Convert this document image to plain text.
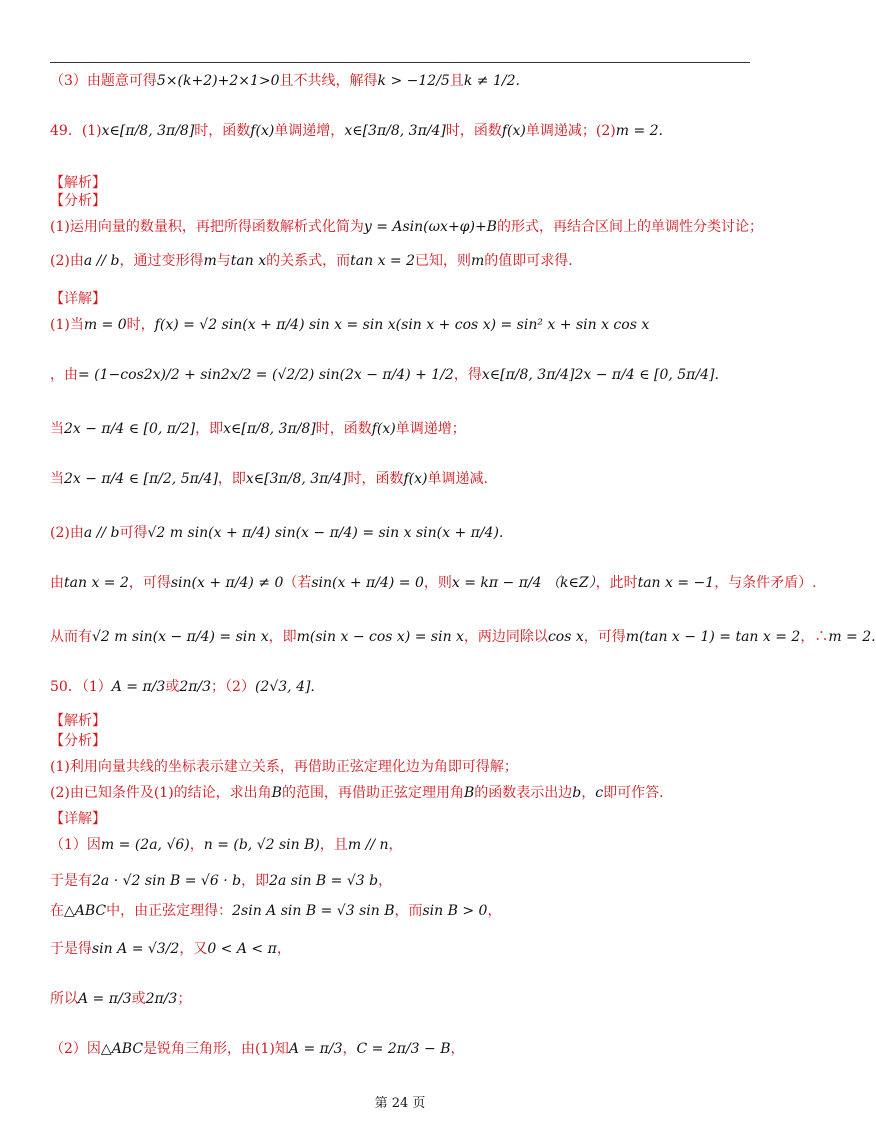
（3）由题意可得5×(k+2)+2×1>0且不共线，解得k > −12/5且k ≠ 1/2.
49．(1)x∈[π/8, 3π/8]时，函数f(x)单调递增，x∈[3π/8, 3π/4]时，函数f(x)单调递减；(2)m = 2.
【解析】
【分析】
(1)运用向量的数量积，再把所得函数解析式化简为y = Asin(ωx+φ)+B的形式，再结合区间上的单调性分类讨论；
(2)由a // b，通过变形得m与tan x的关系式，而tan x = 2已知，则m的值即可求得.
【详解】
(1)当m = 0时，f(x) = √2 sin(x + π/4) sin x = sin x(sin x + cos x) = sin² x + sin x cos x
，由= (1−cos2x)/2 + sin2x/2 = (√2/2) sin(2x − π/4) + 1/2，得x∈[π/8, 3π/4]2x − π/4 ∈ [0, 5π/4].
当2x − π/4 ∈ [0, π/2]，即x∈[π/8, 3π/8]时，函数f(x)单调递增；
当2x − π/4 ∈ [π/2, 5π/4]，即x∈[3π/8, 3π/4]时，函数f(x)单调递减.
(2)由a // b可得√2 m sin(x + π/4) sin(x − π/4) = sin x sin(x + π/4).
由tan x = 2，可得sin(x + π/4) ≠ 0（若sin(x + π/4) = 0，则x = kπ − π/4 （k∈Z），此时tan x = −1，与条件矛盾）.
从而有√2 m sin(x − π/4) = sin x，即m(sin x − cos x) = sin x，两边同除以cos x，可得m(tan x − 1) = tan x = 2，∴m = 2.
50．（1）A = π/3或2π/3；（2）(2√3, 4].
【解析】
【分析】
(1)利用向量共线的坐标表示建立关系，再借助正弦定理化边为角即可得解；
(2)由已知条件及(1)的结论，求出角B的范围，再借助正弦定理用角B的函数表示出边b，c即可作答.
【详解】
（1）因m = (2a, √6)，n = (b, √2 sin B)，且m // n，
于是有2a · √2 sin B = √6 · b，即2a sin B = √3 b，
在△ABC中，由正弦定理得：2sin A sin B = √3 sin B，而sin B > 0，
于是得sin A = √3/2，又0 < A < π，
所以A = π/3或2π/3；
（2）因△ABC是锐角三角形，由(1)知A = π/3，C = 2π/3 − B，
第 24 页
